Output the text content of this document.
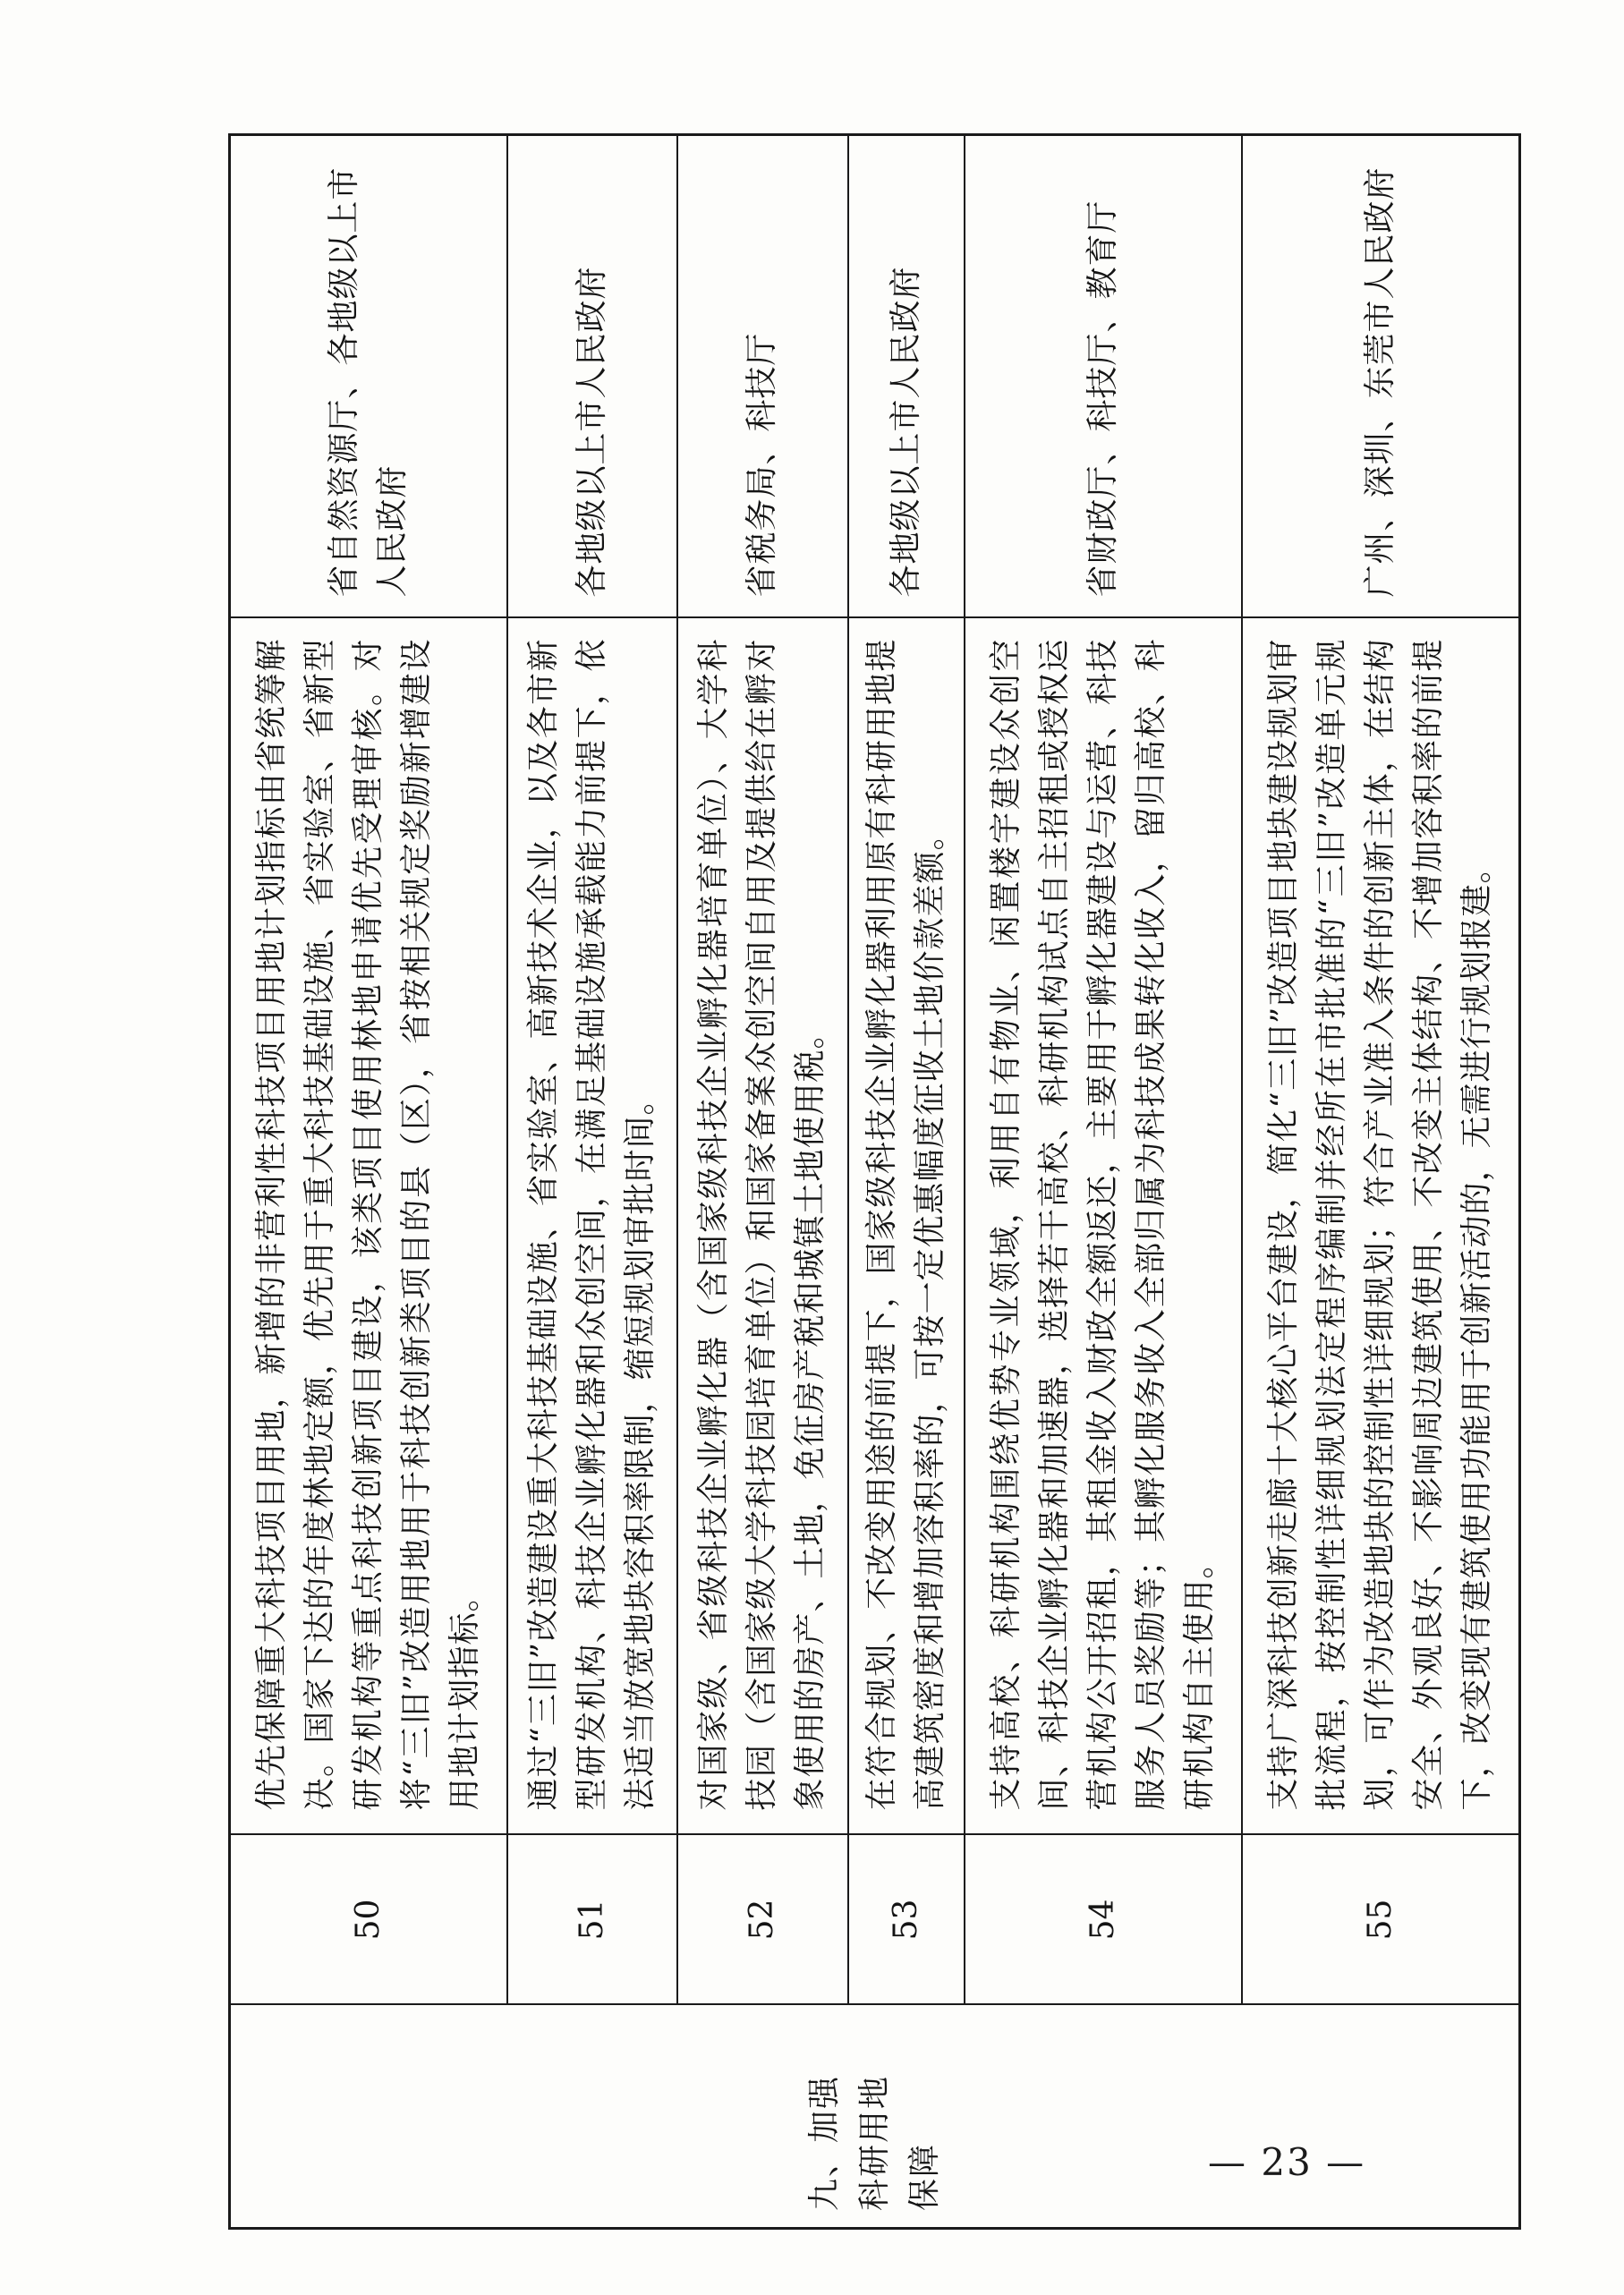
九、加强科研用地保障	50	优先保障重大科技项目用地，新增的非营利性科技项目用地计划指标由省统筹解决。国家下达的年度林地定额，优先用于重大科技基础设施、省实验室、省新型研发机构等重点科技创新项目建设，该类项目使用林地申请优先受理审核。对将“三旧”改造用地用于科技创新类项目的县（区），省按相关规定奖励新增建设用地计划指标。	省自然资源厅、各地级以上市人民政府
	51	通过“三旧”改造建设重大科技基础设施、省实验室、高新技术企业，以及各市新型研发机构、科技企业孵化器和众创空间，在满足基础设施承载能力前提下，依法适当放宽地块容积率限制，缩短规划审批时间。	各地级以上市人民政府
	52	对国家级、省级科技企业孵化器（含国家级科技企业孵化器培育单位）、大学科技园（含国家级大学科技园培育单位）和国家备案众创空间自用及提供给在孵对象使用的房产、土地，免征房产税和城镇土地使用税。	省税务局、科技厅
	53	在符合规划、不改变用途的前提下，国家级科技企业孵化器利用原有科研用地提高建筑密度和增加容积率的，可按一定优惠幅度征收土地价款差额。	各地级以上市人民政府
	54	支持高校、科研机构围绕优势专业领域，利用自有物业、闲置楼宇建设众创空间、科技企业孵化器和加速器，选择若干高校、科研机构试点自主招租或授权运营机构公开招租，其租金收入财政全额返还，主要用于孵化器建设与运营、科技服务人员奖励等；其孵化服务收入全部归属为科技成果转化收入，留归高校、科研机构自主使用。	省财政厅、科技厅、教育厅
	55	支持广深科技创新走廊十大核心平台建设，简化“三旧”改造项目地块建设规划审批流程，按控制性详细规划法定程序编制并经所在市批准的“三旧”改造单元规划，可作为改造地块的控制性详细规划；符合产业准入条件的创新主体，在结构安全、外观良好、不影响周边建筑使用、不改变主体结构、不增加容积率的前提下，改变现有建筑使用功能用于创新活动的，无需进行规划报建。	广州、深圳、东莞市人民政府
— 23 —
